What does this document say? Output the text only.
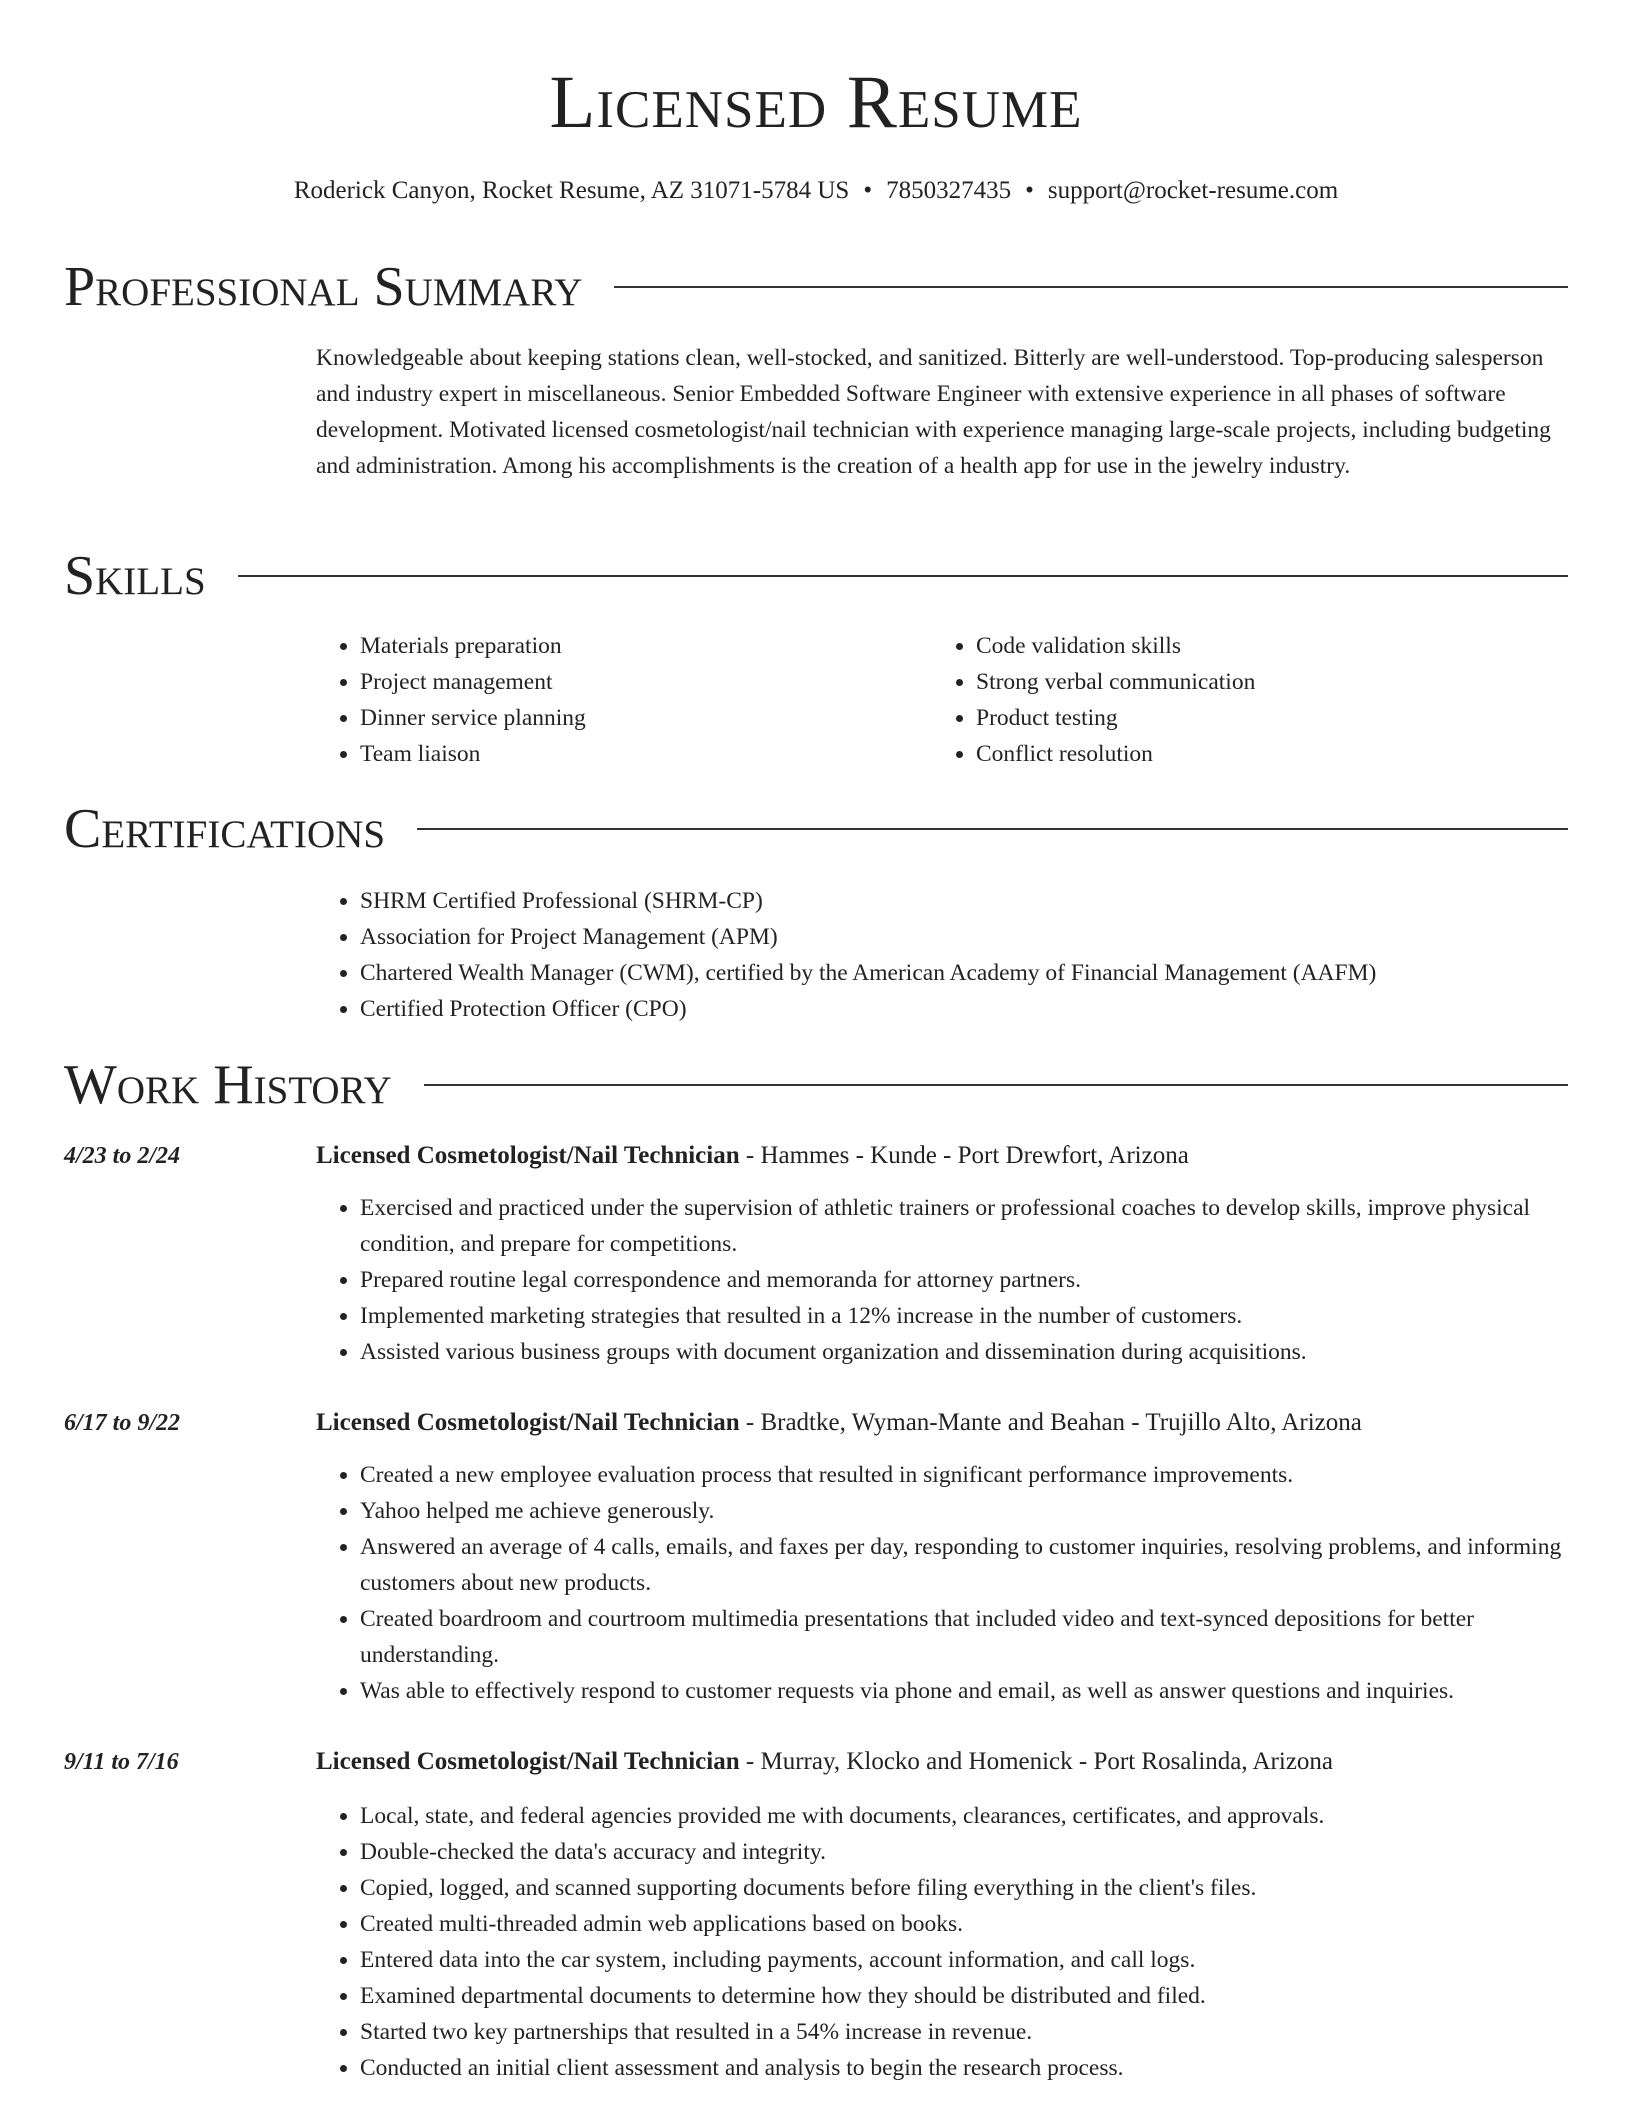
Licensed Resume
Roderick Canyon, Rocket Resume, AZ 31071-5784 US • 7850327435 • support@rocket-resume.com
Professional Summary
Knowledgeable about keeping stations clean, well-stocked, and sanitized. Bitterly are well-understood. Top-producing salesperson and industry expert in miscellaneous. Senior Embedded Software Engineer with extensive experience in all phases of software development. Motivated licensed cosmetologist/nail technician with experience managing large-scale projects, including budgeting and administration. Among his accomplishments is the creation of a health app for use in the jewelry industry.
Skills
• Materials preparation
• Project management
• Dinner service planning
• Team liaison
• Code validation skills
• Strong verbal communication
• Product testing
• Conflict resolution
Certifications
• SHRM Certified Professional (SHRM-CP)
• Association for Project Management (APM)
• Chartered Wealth Manager (CWM), certified by the American Academy of Financial Management (AAFM)
• Certified Protection Officer (CPO)
Work History
4/23 to 2/24	Licensed Cosmetologist/Nail Technician - Hammes - Kunde - Port Drewfort, Arizona
• Exercised and practiced under the supervision of athletic trainers or professional coaches to develop skills, improve physical condition, and prepare for competitions.
• Prepared routine legal correspondence and memoranda for attorney partners.
• Implemented marketing strategies that resulted in a 12% increase in the number of customers.
• Assisted various business groups with document organization and dissemination during acquisitions.
6/17 to 9/22	Licensed Cosmetologist/Nail Technician - Bradtke, Wyman-Mante and Beahan - Trujillo Alto, Arizona
• Created a new employee evaluation process that resulted in significant performance improvements.
• Yahoo helped me achieve generously.
• Answered an average of 4 calls, emails, and faxes per day, responding to customer inquiries, resolving problems, and informing customers about new products.
• Created boardroom and courtroom multimedia presentations that included video and text-synced depositions for better understanding.
• Was able to effectively respond to customer requests via phone and email, as well as answer questions and inquiries.
9/11 to 7/16	Licensed Cosmetologist/Nail Technician - Murray, Klocko and Homenick - Port Rosalinda, Arizona
• Local, state, and federal agencies provided me with documents, clearances, certificates, and approvals.
• Double-checked the data's accuracy and integrity.
• Copied, logged, and scanned supporting documents before filing everything in the client's files.
• Created multi-threaded admin web applications based on books.
• Entered data into the car system, including payments, account information, and call logs.
• Examined departmental documents to determine how they should be distributed and filed.
• Started two key partnerships that resulted in a 54% increase in revenue.
• Conducted an initial client assessment and analysis to begin the research process.
